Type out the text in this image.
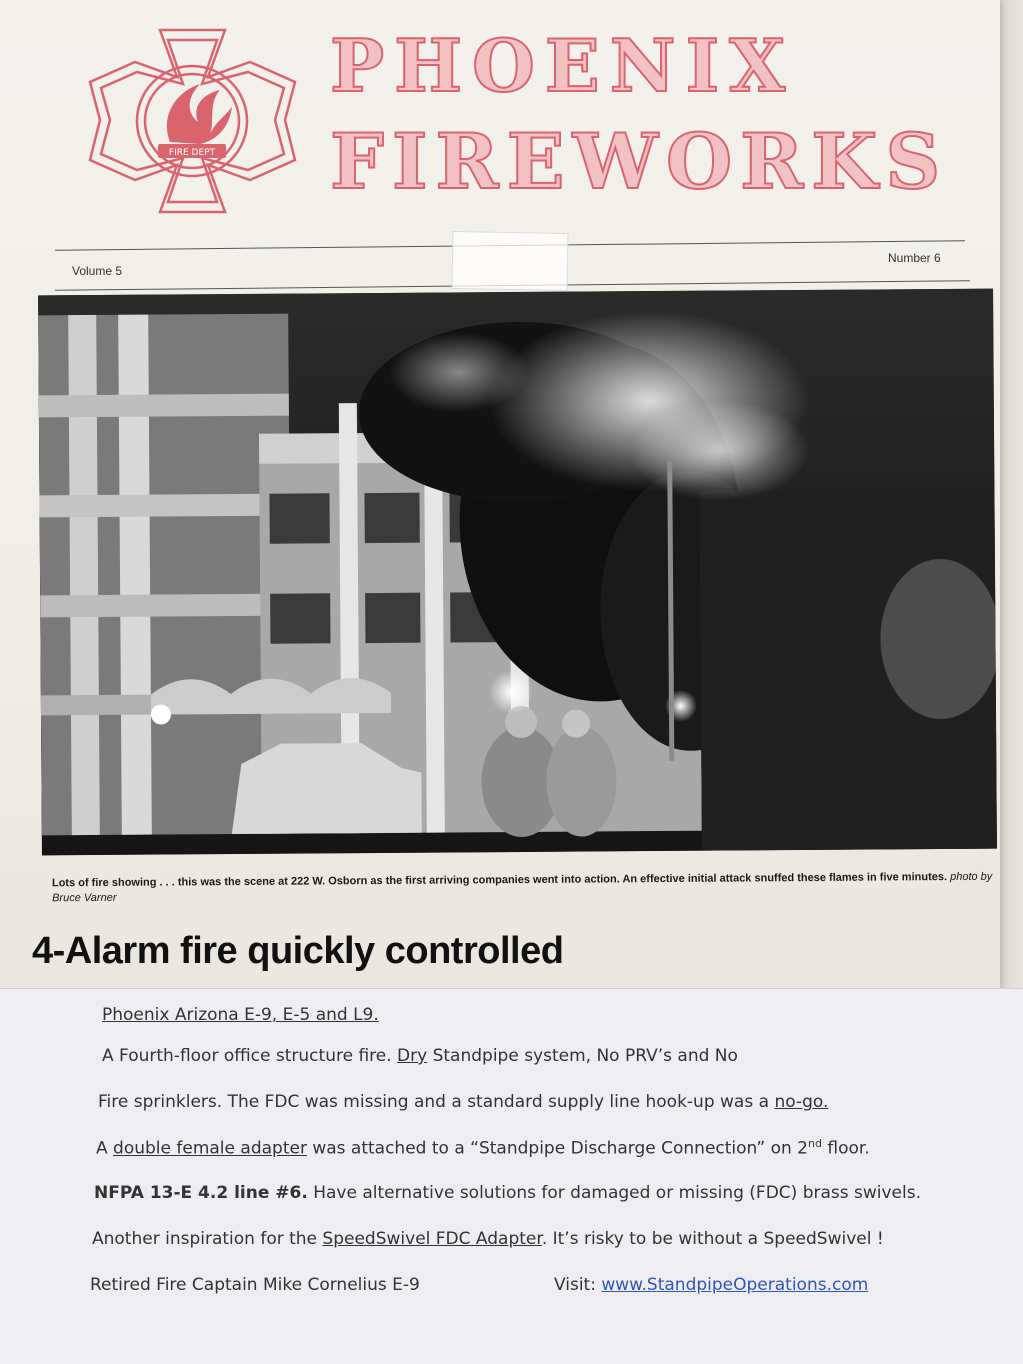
FIRE DEPT
PHOENIX
FIREWORKS
Volume 5
Number 6
Lots of fire showing . . . this was the scene at 222 W. Osborn as the first arriving companies went into action. An effective initial attack snuffed these flames in five minutes. photo by Bruce Varner
4-Alarm fire quickly controlled

Phoenix Arizona E-9, E-5 and L9.

A Fourth-floor office structure fire. Dry Standpipe system, No PRV’s and No

Fire sprinklers. The FDC was missing and a standard supply line hook-up was a no-go.

A double female adapter was attached to a “Standpipe Discharge Connection” on 2nd floor.

NFPA 13-E 4.2 line #6. Have alternative solutions for damaged or missing (FDC) brass swivels.

Another inspiration for the SpeedSwivel FDC Adapter. It’s risky to be without a SpeedSwivel !

Retired Fire Captain Mike Cornelius E-9	Visit: www.StandpipeOperations.com
